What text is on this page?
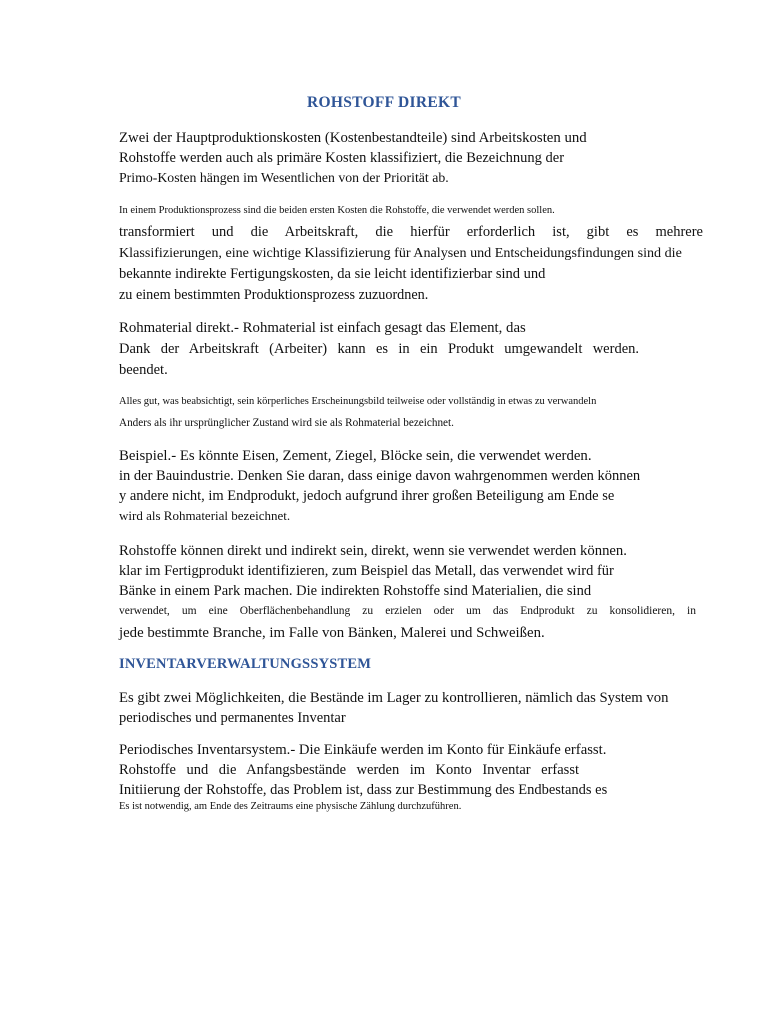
ROHSTOFF DIREKT
Zwei der Hauptproduktionskosten (Kostenbestandteile) sind Arbeitskosten und
Rohstoffe werden auch als primäre Kosten klassifiziert, die Bezeichnung der
Primo-Kosten hängen im Wesentlichen von der Priorität ab.
In einem Produktionsprozess sind die beiden ersten Kosten die Rohstoffe, die verwendet werden sollen.
transformiert und die Arbeitskraft, die hierfür erforderlich ist, gibt es mehrere
Klassifizierungen, eine wichtige Klassifizierung für Analysen und Entscheidungsfindungen sind die
bekannte indirekte Fertigungskosten, da sie leicht identifizierbar sind und
zu einem bestimmten Produktionsprozess zuzuordnen.
Rohmaterial direkt.- Rohmaterial ist einfach gesagt das Element, das
Dank der Arbeitskraft (Arbeiter) kann es in ein Produkt umgewandelt werden.
beendet.
Alles gut, was beabsichtigt, sein körperliches Erscheinungsbild teilweise oder vollständig in etwas zu verwandeln
Anders als ihr ursprünglicher Zustand wird sie als Rohmaterial bezeichnet.
Beispiel.- Es könnte Eisen, Zement, Ziegel, Blöcke sein, die verwendet werden.
in der Bauindustrie. Denken Sie daran, dass einige davon wahrgenommen werden können
y andere nicht, im Endprodukt, jedoch aufgrund ihrer großen Beteiligung am Ende se
wird als Rohmaterial bezeichnet.
Rohstoffe können direkt und indirekt sein, direkt, wenn sie verwendet werden können.
klar im Fertigprodukt identifizieren, zum Beispiel das Metall, das verwendet wird für
Bänke in einem Park machen. Die indirekten Rohstoffe sind Materialien, die sind
verwendet, um eine Oberflächenbehandlung zu erzielen oder um das Endprodukt zu konsolidieren, in
jede bestimmte Branche, im Falle von Bänken, Malerei und Schweißen.
INVENTARVERWALTUNGSSYSTEM
Es gibt zwei Möglichkeiten, die Bestände im Lager zu kontrollieren, nämlich das System von
periodisches und permanentes Inventar
Periodisches Inventarsystem.- Die Einkäufe werden im Konto für Einkäufe erfasst.
Rohstoffe und die Anfangsbestände werden im Konto Inventar erfasst
Initiierung der Rohstoffe, das Problem ist, dass zur Bestimmung des Endbestands es
Es ist notwendig, am Ende des Zeitraums eine physische Zählung durchzuführen.
